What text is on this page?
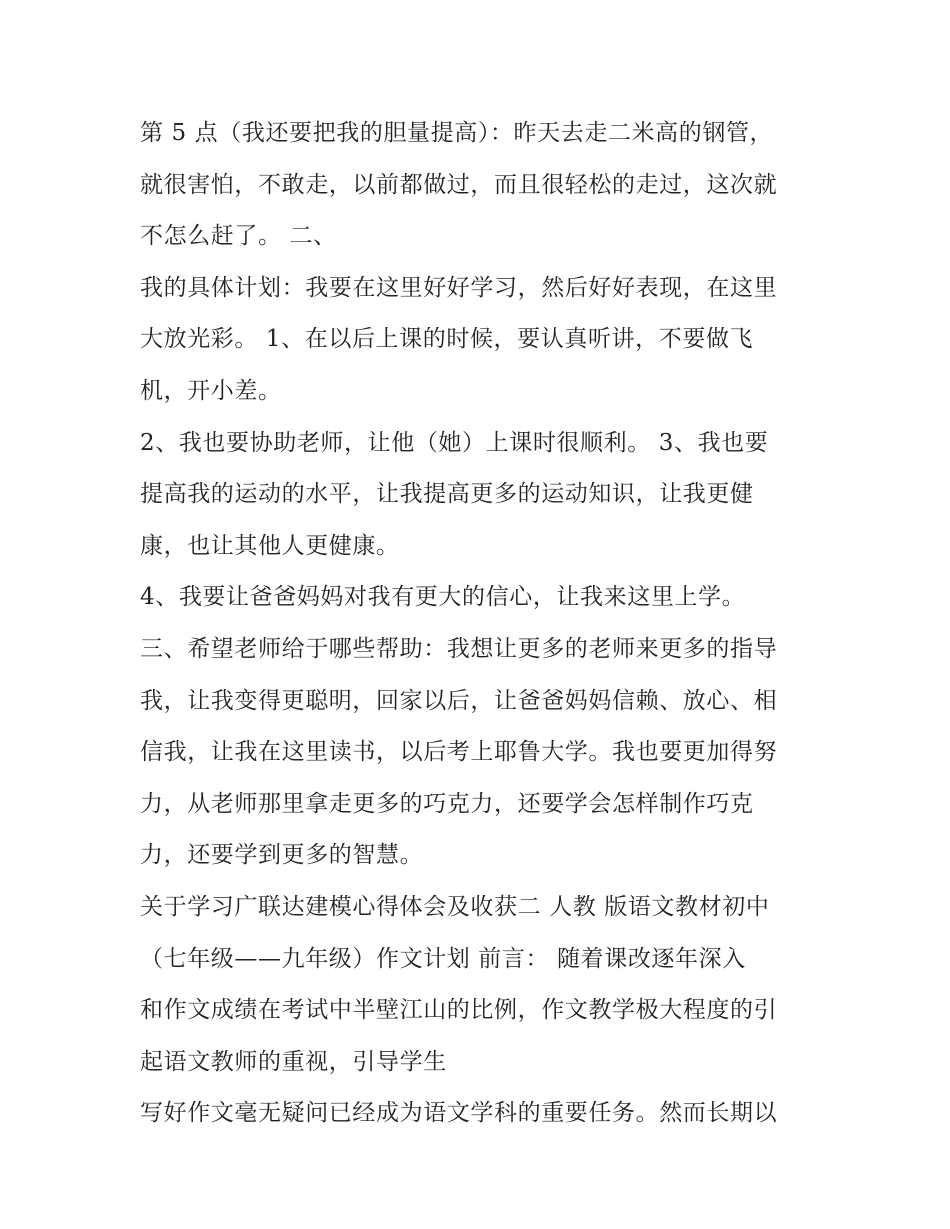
第 5 点（我还要把我的胆量提高）：昨天去走二米高的钢管，
就很害怕，不敢走，以前都做过，而且很轻松的走过，这次就
不怎么赶了。 二、
我的具体计划：我要在这里好好学习，然后好好表现，在这里
大放光彩。 1、在以后上课的时候，要认真听讲，不要做飞
机，开小差。
2、我也要协助老师，让他（她）上课时很顺利。 3、我也要
提高我的运动的水平，让我提高更多的运动知识，让我更健
康，也让其他人更健康。
4、我要让爸爸妈妈对我有更大的信心，让我来这里上学。
三、希望老师给于哪些帮助：我想让更多的老师来更多的指导
我，让我变得更聪明，回家以后，让爸爸妈妈信赖、放心、相
信我，让我在这里读书，以后考上耶鲁大学。我也要更加得努
力，从老师那里拿走更多的巧克力，还要学会怎样制作巧克
力，还要学到更多的智慧。
关于学习广联达建模心得体会及收获二 人教 版语文教材初中
（七年级——九年级）作文计划 前言： 随着课改逐年深入
和作文成绩在考试中半壁江山的比例，作文教学极大程度的引
起语文教师的重视，引导学生
写好作文毫无疑问已经成为语文学科的重要任务。然而长期以
